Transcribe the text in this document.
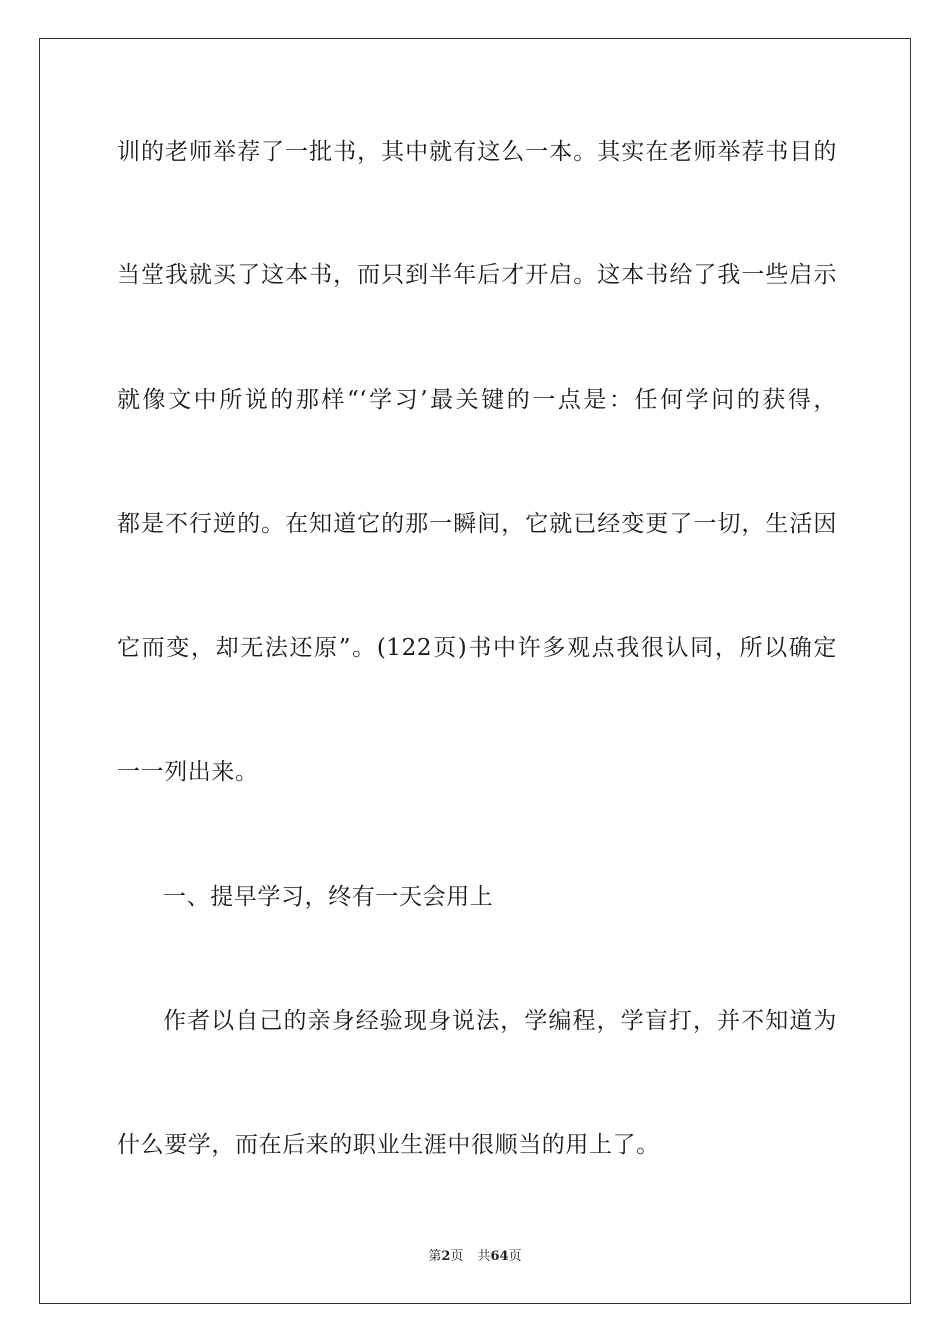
训的老师举荐了一批书，其中就有这么一本。其实在老师举荐书目的
当堂我就买了这本书，而只到半年后才开启。这本书给了我一些启示
就像文中所说的那样“‘学习’最关键的一点是：任何学问的获得，
都是不行逆的。在知道它的那一瞬间，它就已经变更了一切，生活因
它而变，却无法还原”。(122页)书中许多观点我很认同，所以确定
一一列出来。
一、提早学习，终有一天会用上
作者以自己的亲身经验现身说法，学编程，学盲打，并不知道为
什么要学，而在后来的职业生涯中很顺当的用上了。
第2页 共64页
